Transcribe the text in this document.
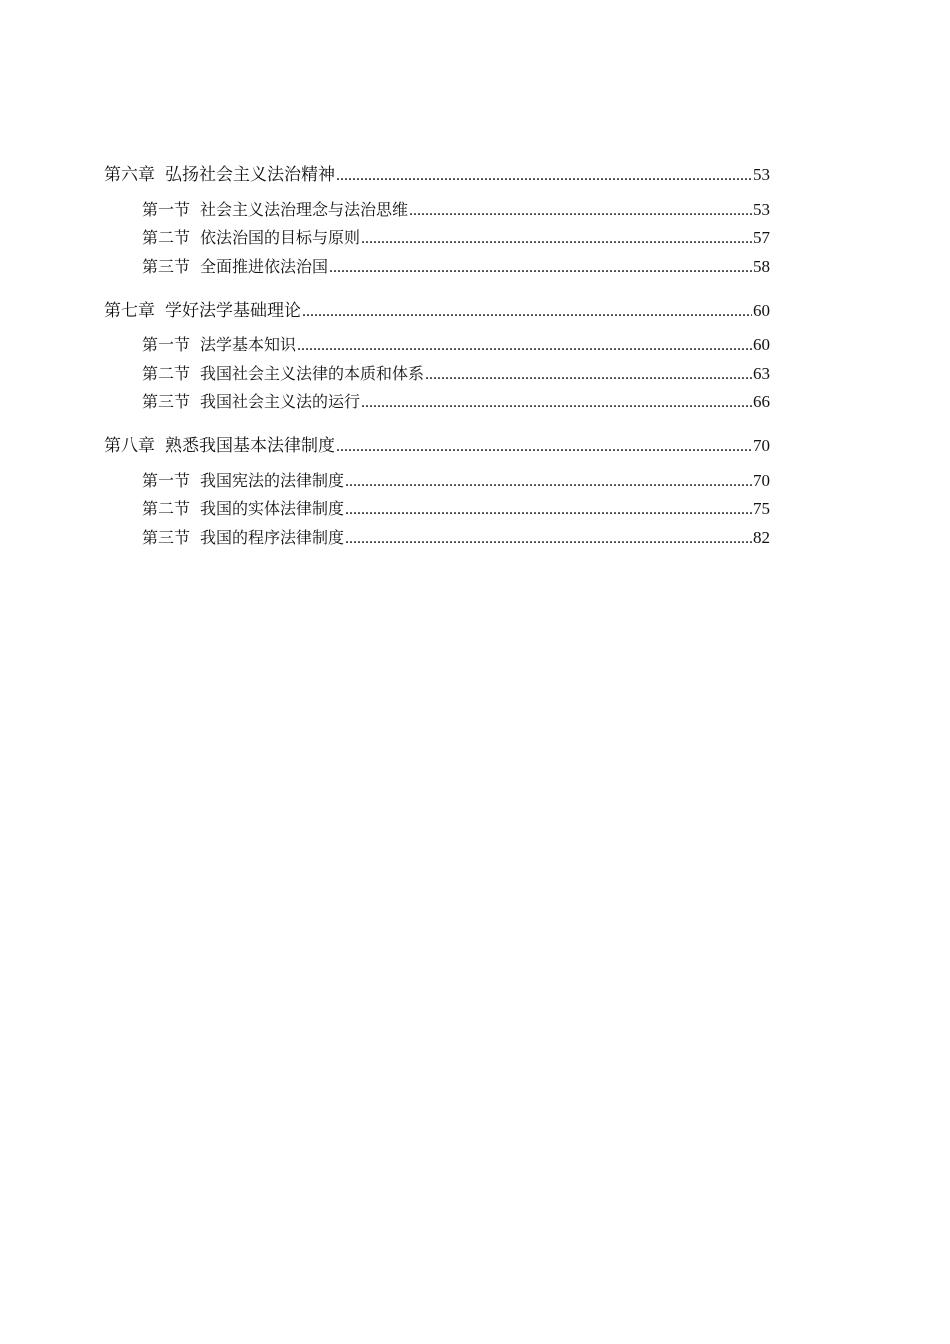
第六章 弘扬社会主义法治精神 .....	53
第一节 社会主义法治理念与法治思维 .....	53
第二节 依法治国的目标与原则 .....	57
第三节 全面推进依法治国 .....	58
第七章 学好法学基础理论 .....	60
第一节 法学基本知识 .....	60
第二节 我国社会主义法律的本质和体系 .....	63
第三节 我国社会主义法的运行 .....	66
第八章 熟悉我国基本法律制度 .....	70
第一节 我国宪法的法律制度 .....	70
第二节 我国的实体法律制度 .....	75
第三节 我国的程序法律制度 .....	82
